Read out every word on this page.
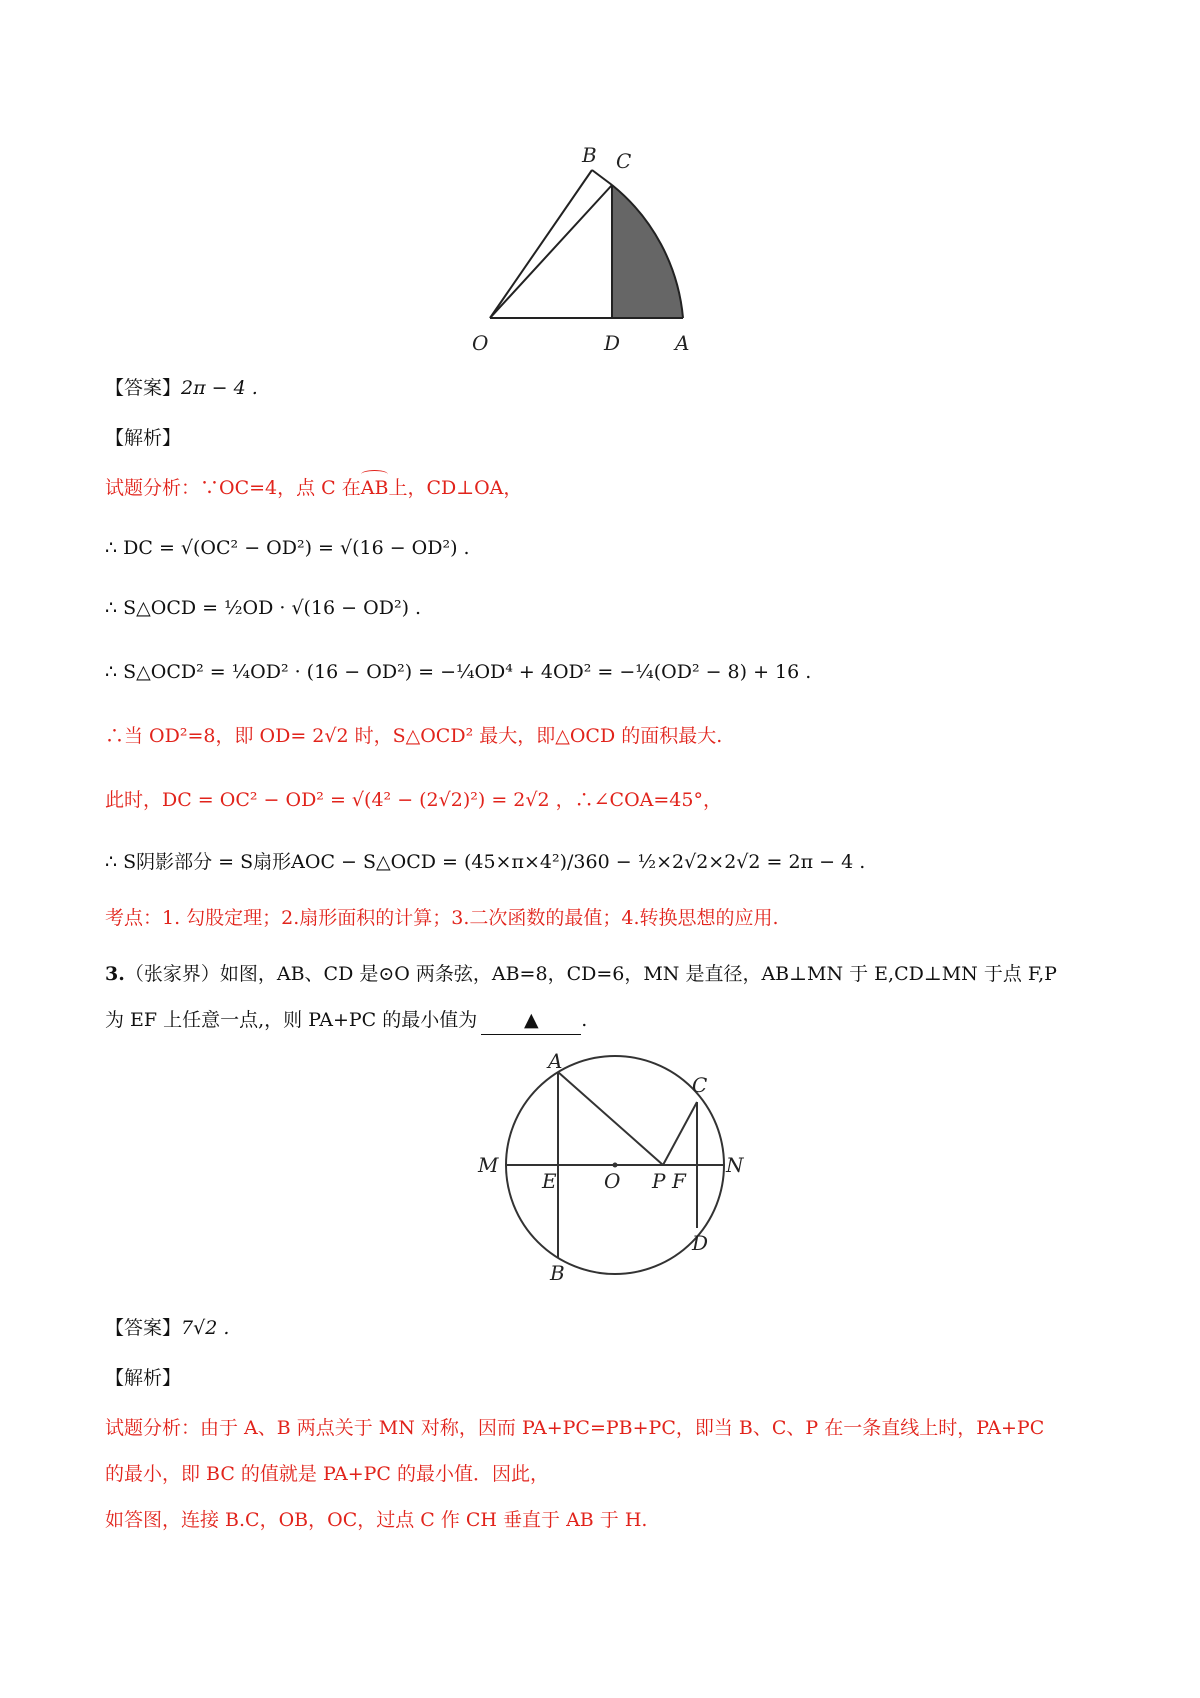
B C
O	D	A
【答案】2π − 4 .
【解析】
试题分析：∵OC=4，点 C 在AB上，CD⊥OA，
∴ DC = √(OC² − OD²) = √(16 − OD²) .
∴ S△OCD = ½OD · √(16 − OD²) .
∴ S△OCD² = ¼OD² · (16 − OD²) = −¼OD⁴ + 4OD² = −¼(OD² − 8) + 16 .
∴当 OD²=8，即 OD= 2√2 时，S△OCD² 最大，即△OCD 的面积最大.
此时，DC = OC² − OD² = √(4² − (2√2)²) = 2√2 ，∴∠COA=45°，
∴ S阴影部分 = S扇形AOC − S△OCD = (45×π×4²)/360 − ½×2√2×2√2 = 2π − 4 .
考点：1. 勾股定理；2.扇形面积的计算；3.二次函数的最值；4.转换思想的应用.
3.（张家界）如图，AB、CD 是⊙O 两条弦，AB=8，CD=6，MN 是直径，AB⊥MN 于 E,CD⊥MN 于点 F,P
为 EF 上任意一点,，则 PA+PC 的最小值为 ▲ .
A
C
M
E O P F
N
D
B
【答案】7√2 .
【解析】
试题分析：由于 A、B 两点关于 MN 对称，因而 PA+PC=PB+PC，即当 B、C、P 在一条直线上时，PA+PC
的最小，即 BC 的值就是 PA+PC 的最小值．因此，
如答图，连接 B.C，OB，OC，过点 C 作 CH 垂直于 AB 于 H.
